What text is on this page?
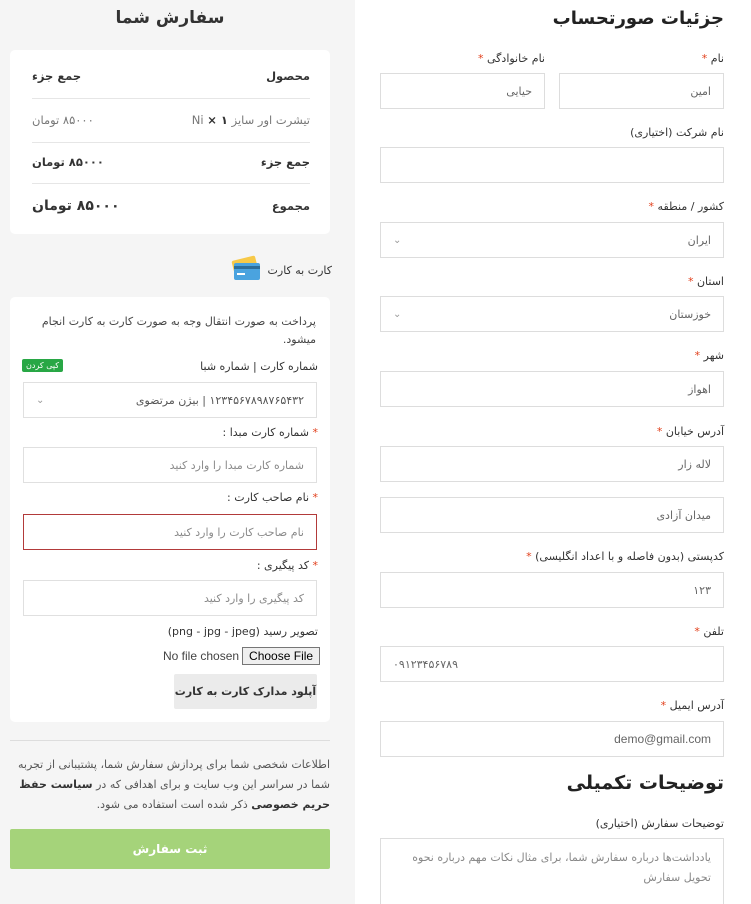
سفارش شما
محصول
جمع جزء
تیشرت اور سایز Ni × ۱
۸۵۰۰۰ تومان
جمع جزء
۸۵۰۰۰ تومان
مجموع
۸۵۰۰۰ تومان
کارت به کارت
پرداخت به صورت انتقال وجه به صورت کارت به کارت انجام
میشود.
شماره کارت | شماره شبا
کپی کردن
۱۲۳۴۵۶۷۸۹۸۷۶۵۴۳۲ | بیژن مرتضوی
⌄
* شماره کارت مبدا :
شماره کارت مبدا را وارد کنید
* نام صاحب کارت :
نام صاحب کارت را وارد کنید
* کد پیگیری :
کد پیگیری را وارد کنید
تصویر رسید (png - jpg - jpeg)
No file chosen Choose File
آپلود مدارک کارت به کارت
اطلاعات شخصی شما برای پردازش سفارش شما، پشتیبانی از تجربه شما در سراسر این وب سایت و برای اهدافی که در سیاست حفظ حریم خصوصی ذکر شده است استفاده می شود.
ثبت سفارش
جزئیات صورتحساب
نام *
نام خانوادگی *
امین
حیایی
نام شرکت (اختیاری)
کشور / منطقه *
ایران
⌄
استان *
خوزستان
⌄
شهر *
اهواز
آدرس خیابان *
لاله زار
میدان آزادی
کدپستی (بدون فاصله و با اعداد انگلیسی) *
۱۲۳
تلفن *
۰۹۱۲۳۴۵۶۷۸۹
آدرس ایمیل *
demo@gmail.com
توضیحات تکمیلی
توضیحات سفارش (اختیاری)
یادداشت‌ها درباره سفارش شما، برای مثال نکات مهم درباره نحوه تحویل سفارش
